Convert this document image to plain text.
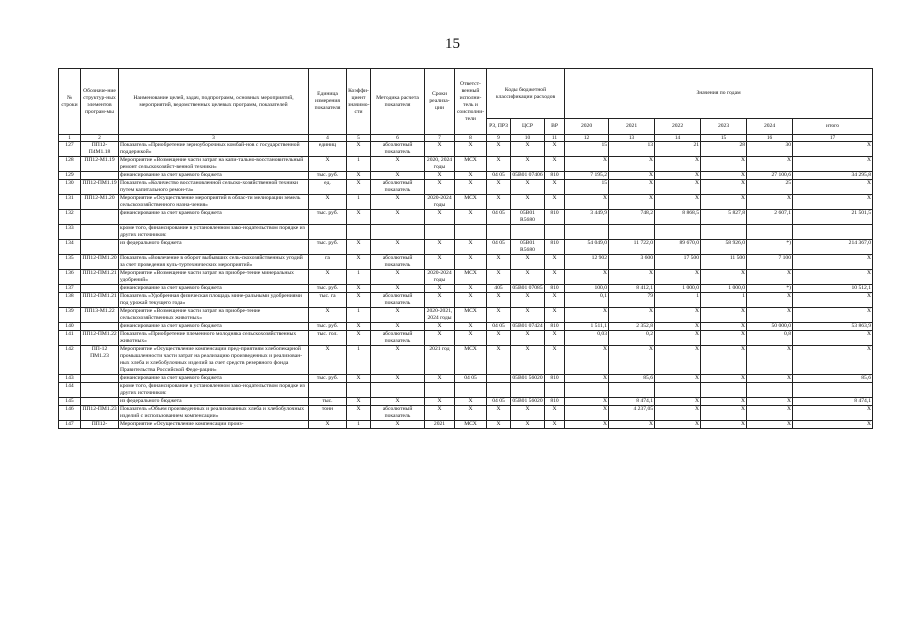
15
№ строки	Обозначе-ние структур-ных элементов програм-мы	Наименование целей, задач, подпрограмм, основных мероприятий, мероприятий, ведомственных целевых программ, показателей	Единица измерения показателя	Коэффи-циент значимо-сти	Методика расчета показателя	Сроки реализа-ции	Ответст-венный исполни-тель и соисполни-тели	Коды бюджетной классификации расходов			Значения по годам					
								РЗ, ПРЗ	ЦСР	ВР	2020	2021	2022	2023	2024	итого
1	2	3	4	5	6	7	8	9	10	11	12	13	14	15	16	17
127	ПП12-П4М1.18	Показатель «Приобретение зерноуборочных комбай-нов с государственной поддержкой»	единиц	X	абсолютный показатель	X	X	X	X	X	15	13	21	28	30	X
128	ПП12-М1.19	Мероприятие «Возмещение части затрат на капи-тально-восстановительный ремонт сельскохозяйст-венной техники»	X	1	X	2020, 2024 годы	МСХ	X	X	X	X	X	X	X	X	X
129		финансирование за счет краевого бюджета	тыс. руб.	X	X	X	X	04 05	05В01 07406	810	7 195,2	X	X	X	27 100,6	34 295,8
130	ПП12-ПМ1.19	Показатель «Количество восстановленной сельско-хозяйственной техники путем капитального ремон-та»	ед.	X	абсолютный показатель	X	X	X	X	X	15	X	X	X	25	X
131	ПП12-М1.20	Мероприятие «Осуществление мероприятий в облас-ти мелиорации земель сельскохозяйственного назна-чения»	X	1	X	2020-2024 годы	МСХ	X	X	X	X	X	X	X	X	X
132		финансирование за счет краевого бюджета	тыс. руб.	X	X	X	X	04 05	05В01 R5680	810	3 449,9	748,2	8 868,5	5 827,8	2 607,1	21 501,5
133		кроме того, финансирование в установленном зако-нодательством порядке из других источников:														
134		из федерального бюджета	тыс. руб.	X	X	X	X	04 05	05В01 R5680	810	54 049,0	11 722,0	89 670,0	58 926,0	*)	214 367,0
135	ПП12-ПМ1.20	Показатель «Вовлечение в оборот выбывших сель-скохозяйственных угодий за счет проведения куль-туртехнических мероприятий»	га	X	абсолютный показатель	X	X	X	X	X	12 902	3 600	17 500	11 500	7 100	X
136	ПП12-ПМ1.21	Мероприятие «Возмещение части затрат на приобре-тение минеральных удобрений»	X	1	X	2020-2024 годы	МСХ	X	X	X	X	X	X	X	X	X
137		финансирование за счет краевого бюджета	тыс. руб.	X	X	X	X	405	05В01 07085	810	100,0	8 412,1	1 000,0	1 000,0	*)	10 512,1
138	ПП12-ПМ1.21	Показатель «Удобренная физическая площадь мине-ральными удобрениями под урожай текущего года»	тыс. га	X	абсолютный показатель	X	X	X	X	X	0,1	79	1	1	X	X
139	ПП13-М1.22	Мероприятие «Возмещение части затрат на приобре-тение сельскохозяйственных животных»	X	1	X	2020-2021, 2024 годы	МСХ	X	X	X	X	X	X	X	X	X
140		финансирование за счет краевого бюджета	тыс. руб.	X	X	X	X	04 05	05В01 07424	810	1 511,1	2 352,8	X	X	50 000,0	53 863,9
141	ПП12-ПМ1.22	Показатель «Приобретение племенного молодняка сельскохозяйственных животных»	тыс. гол.	X	абсолютный показатель	X	X	X	X	X	0,03	0,2	X	X	0,8	X
142	ПП-12 ПМ1.23	Мероприятие «Осуществление компенсации пред-приятиям хлебопекарной промышленности части затрат на реализацию произведенных и реализован-ных хлеба и хлебобулочных изделий за счет средств резервного фонда Правительства Российской Феде-рации»	X	1	X	2021 год	МСХ	X	X	X	X	X	X	X	X	X
143		финансирование за счет краевого бюджета	тыс. руб.	X	X	X	04 05		05В01 56020	810	X	85,6	X	X	X	85,6
144		кроме того, финансирование в установленном зако-нодательством порядке из других источников:														
145		из федерального бюджета	тыс.	X	X	X	X	04 05	05В01 56020	810	X	8 474,1	X	X	X	8 474,1
146	ПП12-ПМ1.23	Показатель «Объем произведенных и реализованных хлеба и хлебобулочных изделий с использованием компенсации»	тонн	X	абсолютный показатель	X	X	X	X	X	X	4 237,05	X	X	X	X
147	ПП12-	Мероприятие «Осуществление компенсации произ-	X	1	X	2021	МСХ	X	X	X	X	X	X	X	X	X
